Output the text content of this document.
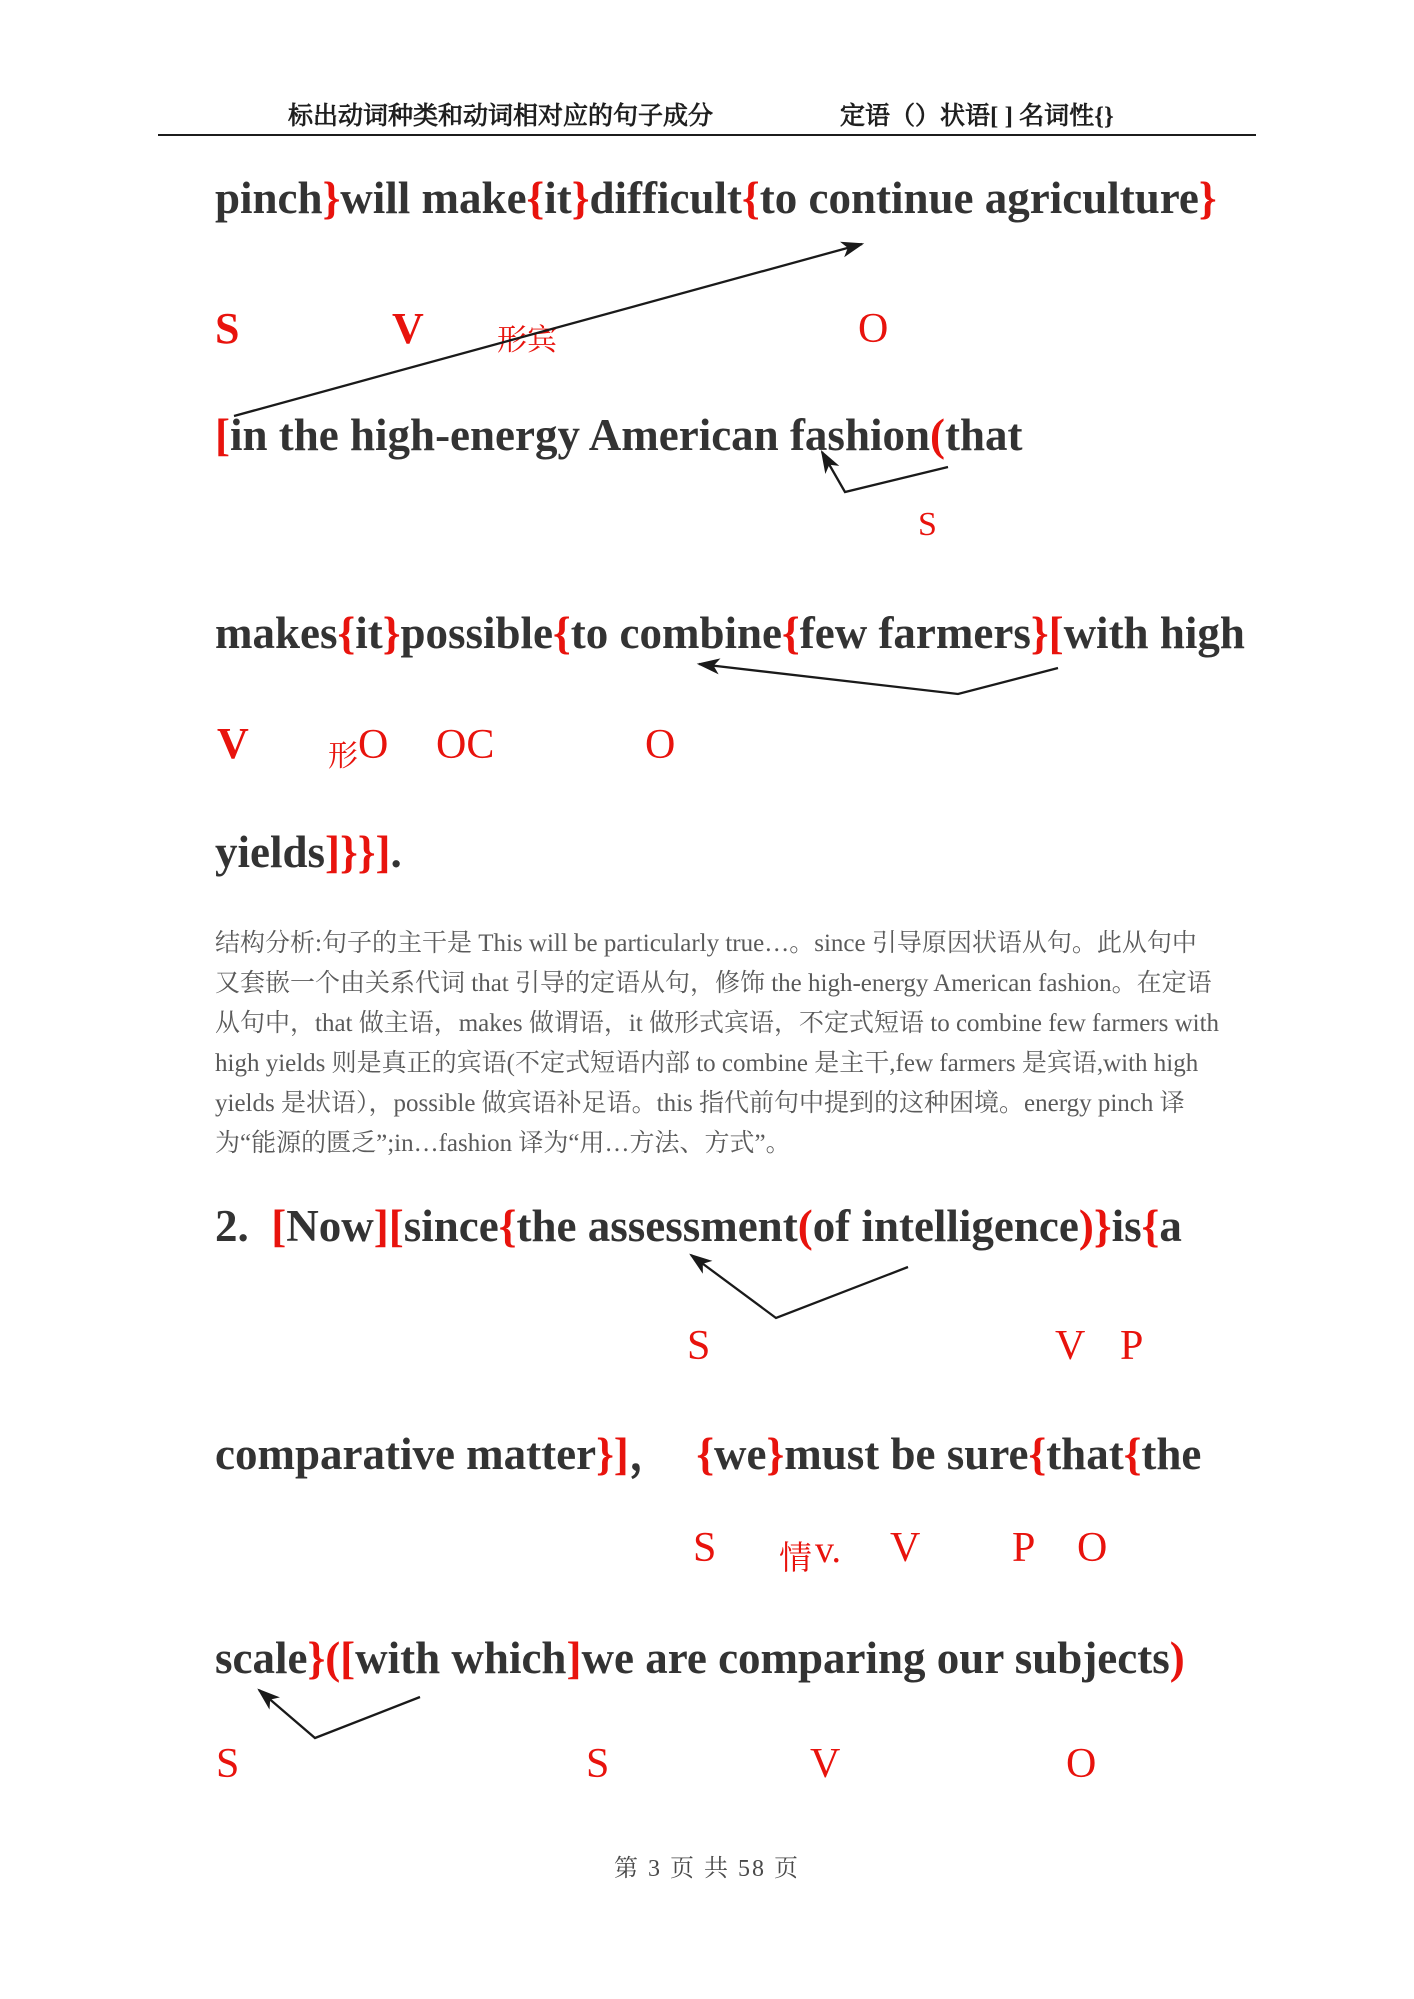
标出动词种类和动词相对应的句子成分	定语（）状语[ ] 名词性{}
pinch}will make{it}difficult{to continue agriculture}
[in the high-energy American fashion(that
makes{it}possible{to combine{few farmers}[with high
yields]}}].
2.  [Now][since{the assessment(of intelligence)}is{a
comparative matter}]，  {we}must be sure{that{the
scale}([with which]we are comparing our subjects)
S	V 形宾	O
S
V	形 O OC	O
S	V P
S 情 v. V P O
S	S	V	O
结构分析:句子的主干是 This will be particularly true…。since 引导原因状语从句。此从句中
又套嵌一个由关系代词 that 引导的定语从句，修饰 the high-energy American fashion。在定语
从句中，that 做主语，makes 做谓语，it 做形式宾语，不定式短语 to combine few farmers with
high yields 则是真正的宾语(不定式短语内部 to combine 是主干,few farmers 是宾语,with high
yields 是状语），possible 做宾语补足语。this 指代前句中提到的这种困境。energy pinch 译
为“能源的匮乏”;in…fashion 译为“用…方法、方式”。
第 3 页 共 58 页
